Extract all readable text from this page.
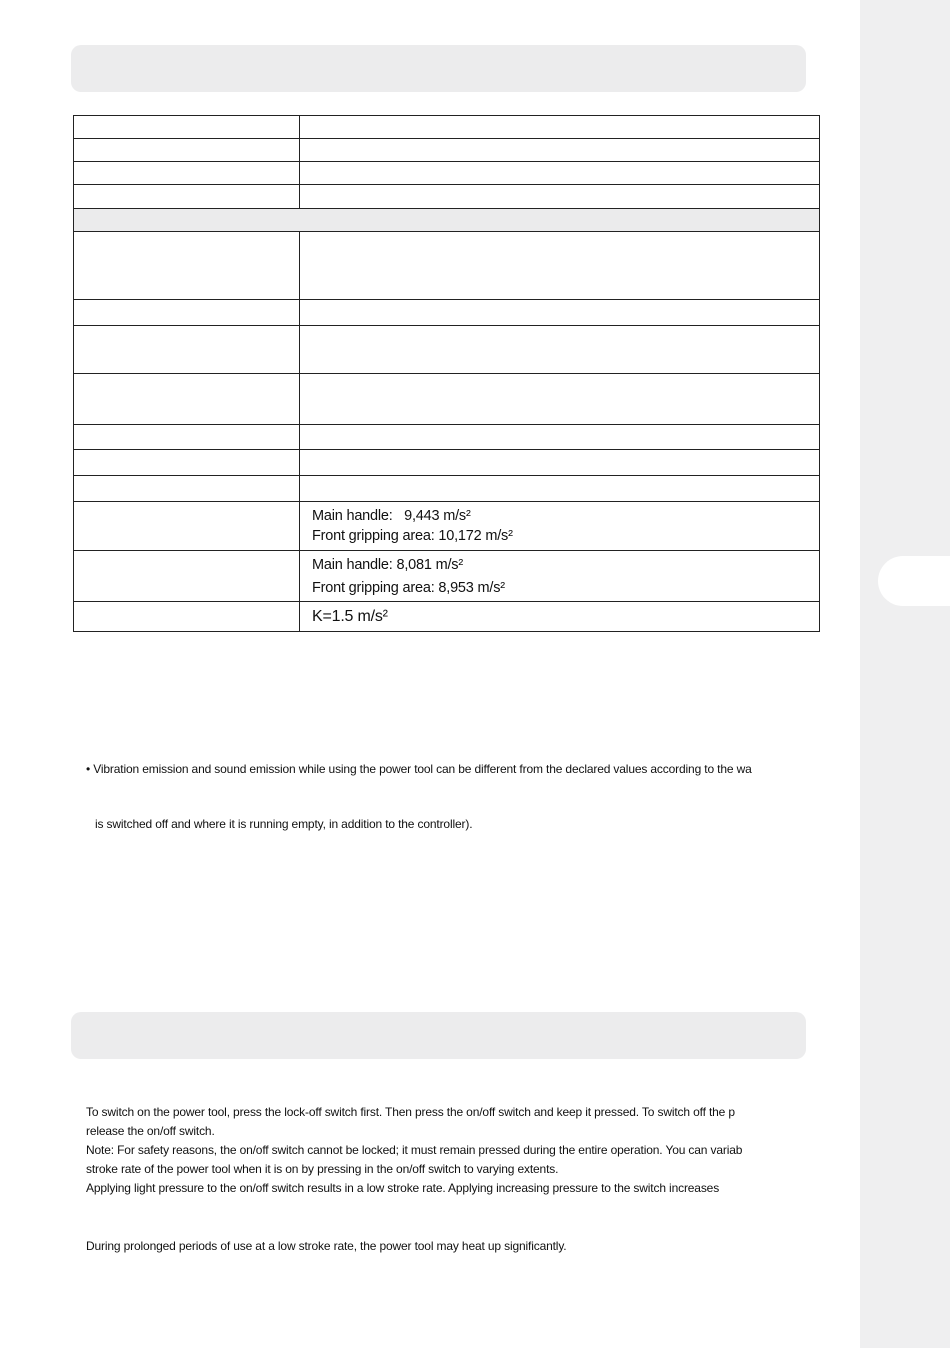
	Main handle:   9,443 m/s²
Front gripping area: 10,172 m/s²

	Main handle: 8,081 m/s²
Front gripping area: 8,953 m/s²

	K=1.5 m/s²
• Vibration emission and sound emission while using the power tool can be different from the declared values according to the wa
is switched off and where it is running empty, in addition to the controller).
To switch on the power tool, press the lock-off switch first. Then press the on/off switch and keep it pressed. To switch off the p
release the on/off switch.
Note: For safety reasons, the on/off switch cannot be locked; it must remain pressed during the entire operation. You can variab
stroke rate of the power tool when it is on by pressing in the on/off switch to varying extents.
Applying light pressure to the on/off switch results in a low stroke rate. Applying increasing pressure to the switch increases
During prolonged periods of use at a low stroke rate, the power tool may heat up significantly.
